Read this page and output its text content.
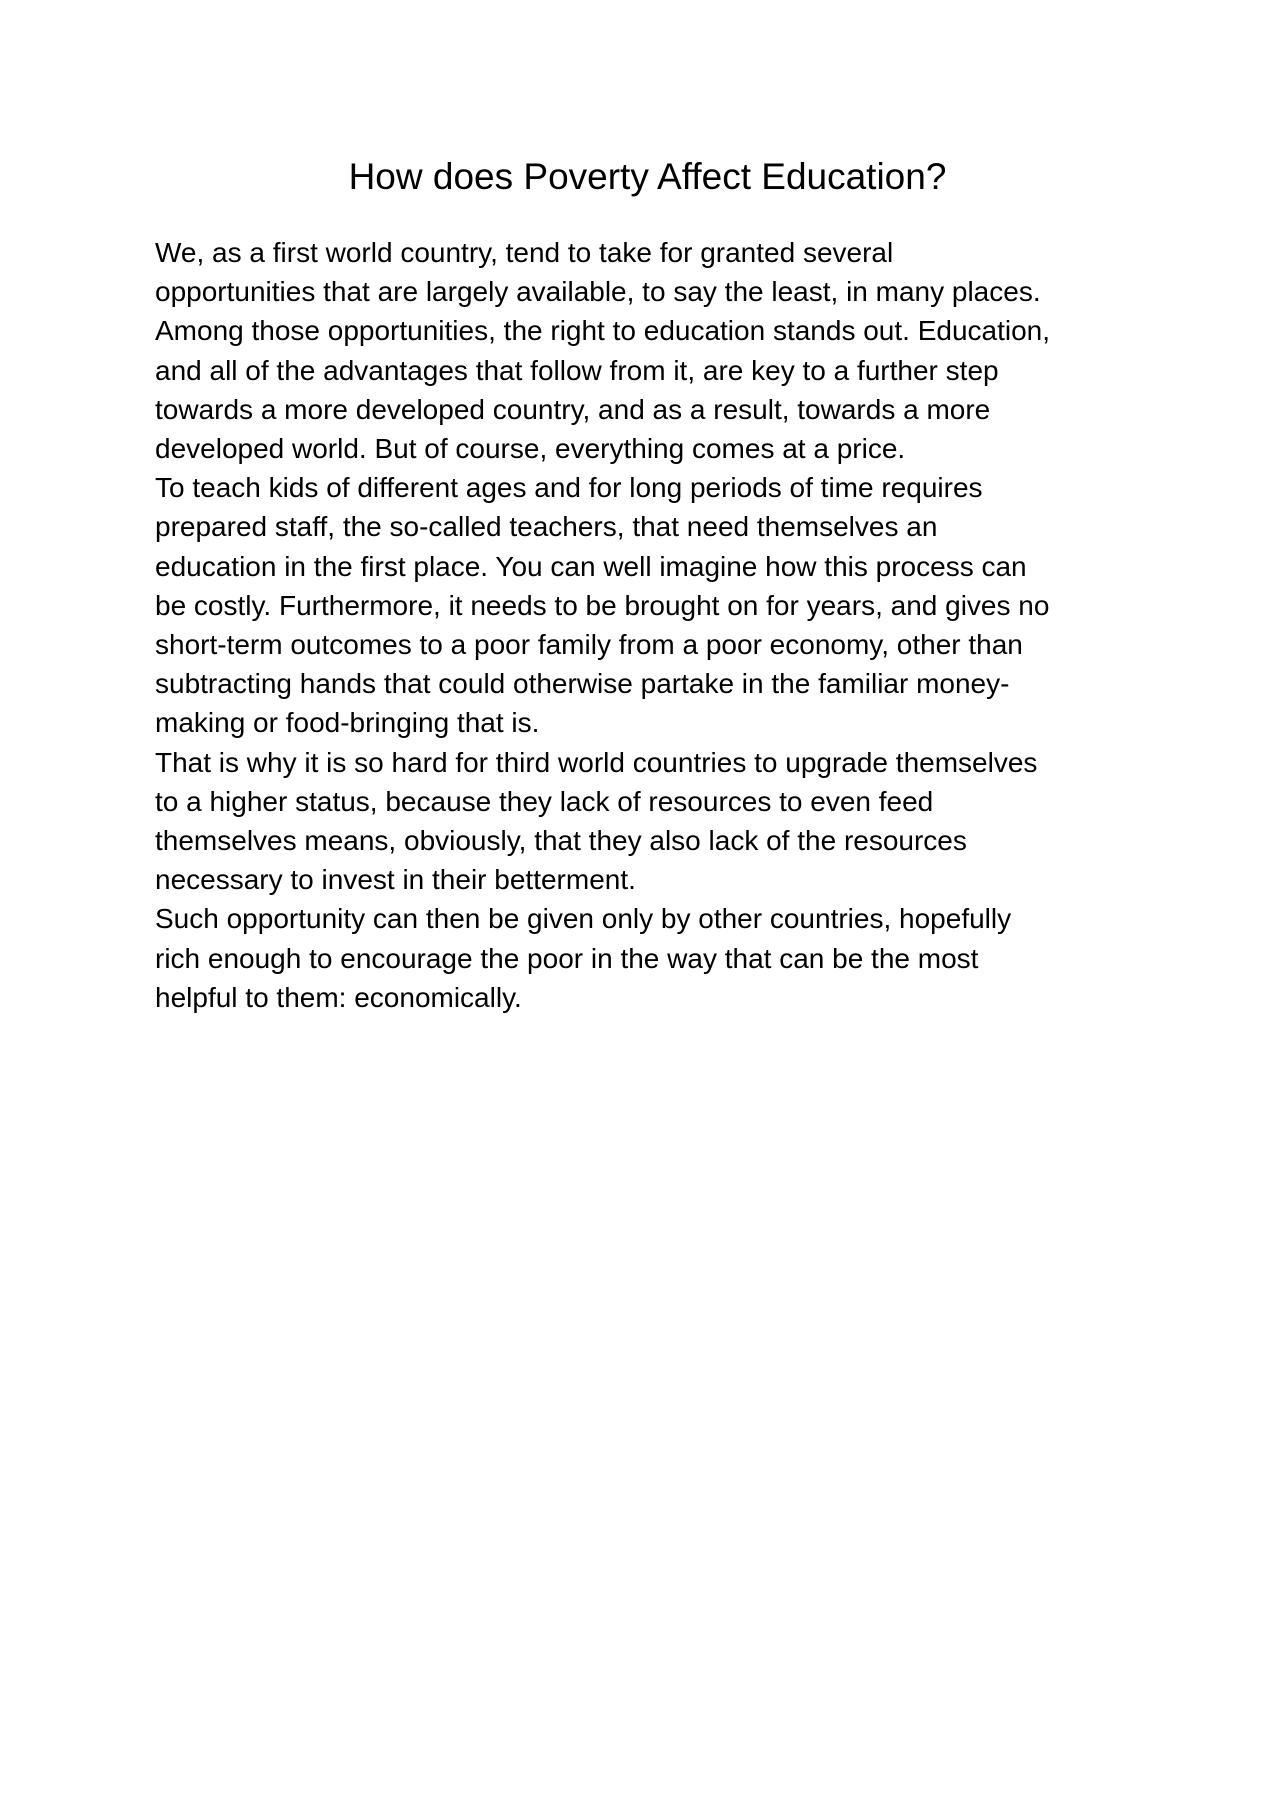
How does Poverty Affect Education?

We, as a first world country, tend to take for granted several
opportunities that are largely available, to say the least, in many places.
Among those opportunities, the right to education stands out. Education,
and all of the advantages that follow from it, are key to a further step
towards a more developed country, and as a result, towards a more
developed world. But of course, everything comes at a price.

To teach kids of different ages and for long periods of time requires
prepared staff, the so-called teachers, that need themselves an
education in the first place. You can well imagine how this process can
be costly. Furthermore, it needs to be brought on for years, and gives no
short-term outcomes to a poor family from a poor economy, other than
subtracting hands that could otherwise partake in the familiar money-
making or food-bringing that is.

That is why it is so hard for third world countries to upgrade themselves
to a higher status, because they lack of resources to even feed
themselves means, obviously, that they also lack of the resources
necessary to invest in their betterment.

Such opportunity can then be given only by other countries, hopefully
rich enough to encourage the poor in the way that can be the most
helpful to them: economically.
